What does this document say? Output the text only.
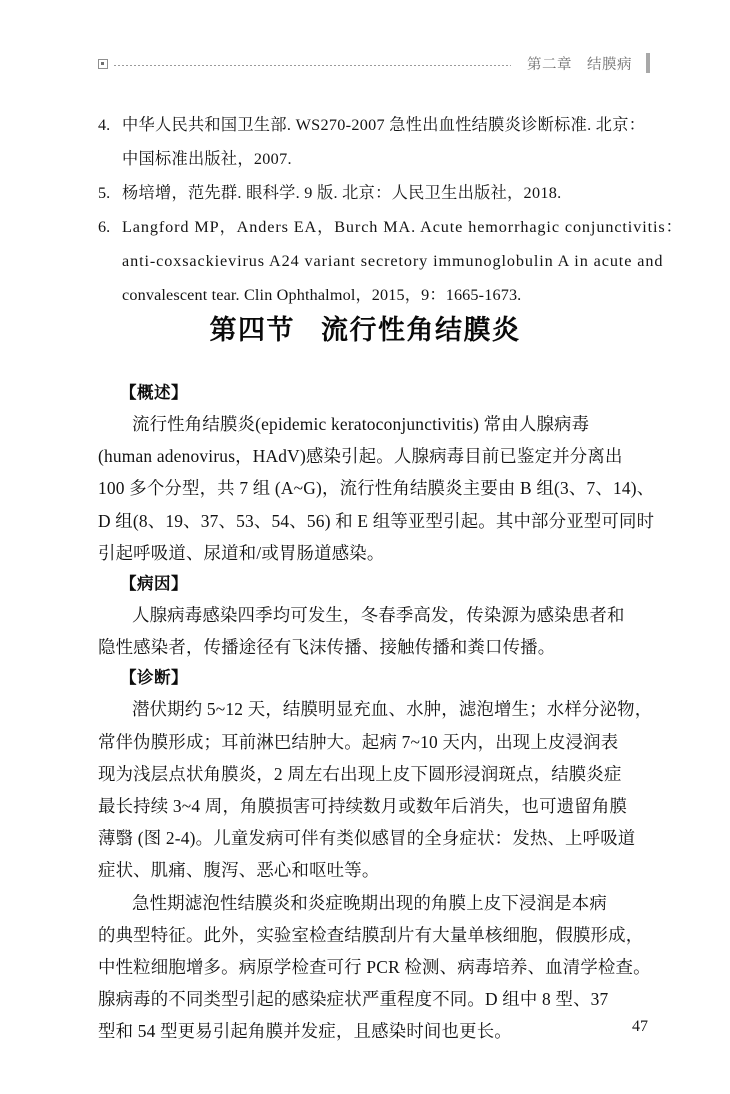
第二章　结膜病
4. 中华人民共和国卫生部. WS270-2007 急性出血性结膜炎诊断标准. 北京：
中国标准出版社，2007.
5. 杨培增，范先群. 眼科学. 9 版. 北京：人民卫生出版社，2018.
6. Langford MP，Anders EA，Burch MA. Acute hemorrhagic conjunctivitis：
anti-coxsackievirus A24 variant secretory immunoglobulin A in acute and
convalescent tear. Clin Ophthalmol，2015，9：1665-1673.
第四节 流行性角结膜炎
【概述】
流行性角结膜炎(epidemic keratoconjunctivitis) 常由人腺病毒
(human adenovirus，HAdV)感染引起。人腺病毒目前已鉴定并分离出
100 多个分型，共 7 组 (A~G)，流行性角结膜炎主要由 B 组(3、7、14)、
D 组(8、19、37、53、54、56) 和 E 组等亚型引起。其中部分亚型可同时
引起呼吸道、尿道和/或胃肠道感染。
【病因】
人腺病毒感染四季均可发生，冬春季高发，传染源为感染患者和
隐性感染者，传播途径有飞沫传播、接触传播和粪口传播。
【诊断】
潜伏期约 5~12 天，结膜明显充血、水肿，滤泡增生；水样分泌物，
常伴伪膜形成；耳前淋巴结肿大。起病 7~10 天内，出现上皮浸润表
现为浅层点状角膜炎，2 周左右出现上皮下圆形浸润斑点，结膜炎症
最长持续 3~4 周，角膜损害可持续数月或数年后消失，也可遗留角膜
薄翳 (图 2-4)。儿童发病可伴有类似感冒的全身症状：发热、上呼吸道
症状、肌痛、腹泻、恶心和呕吐等。
急性期滤泡性结膜炎和炎症晚期出现的角膜上皮下浸润是本病
的典型特征。此外，实验室检查结膜刮片有大量单核细胞，假膜形成，
中性粒细胞增多。病原学检查可行 PCR 检测、病毒培养、血清学检查。
腺病毒的不同类型引起的感染症状严重程度不同。D 组中 8 型、37
型和 54 型更易引起角膜并发症，且感染时间也更长。	47
